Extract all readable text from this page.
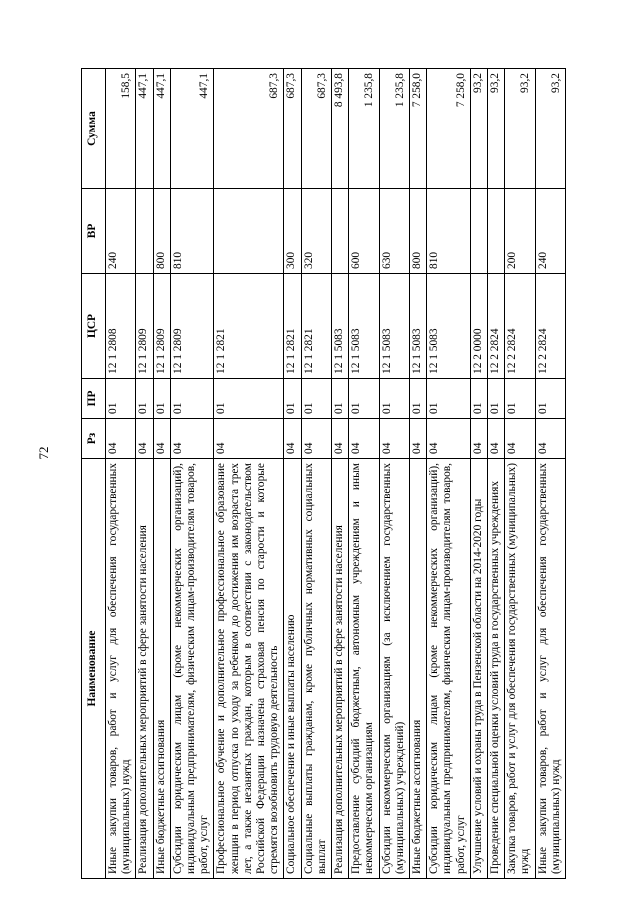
72
Наименование	Рз	ПР	ЦСР	ВР	Сумма
Иные закупки товаров, работ и услуг для обеспечения государственных (муниципальных) нужд	04	01	12 1 2808	240	158,5
Реализация дополнительных мероприятий в сфере занятости населения	04	01	12 1 2809		447,1
Иные бюджетные ассигнования	04	01	12 1 2809	800	447,1
Субсидии юридическим лицам (кроме некоммерческих организаций), индивидуальным предпринимателям, физическим лицам-производителям товаров, работ, услуг	04	01	12 1 2809	810	447,1
Профессиональное обучение и дополнительное профессиональное образование женщин в период отпуска по уходу за ребенком до достижения им возраста трех лет, а также незанятых граждан, которым в соответствии с законодательством Российской Федерации назначена страховая пенсия по старости и которые стремятся возобновить трудовую деятельность	04	01	12 1 2821		687,3
Социальное обеспечение и иные выплаты населению	04	01	12 1 2821	300	687,3
Социальные выплаты гражданам, кроме публичных нормативных социальных выплат	04	01	12 1 2821	320	687,3
Реализация дополнительных мероприятий в сфере занятости населения	04	01	12 1 5083		8 493,8
Предоставление субсидий бюджетным, автономным учреждениям и иным некоммерческим организациям	04	01	12 1 5083	600	1 235,8
Субсидии некоммерческим организациям (за исключением государственных (муниципальных) учреждений)	04	01	12 1 5083	630	1 235,8
Иные бюджетные ассигнования	04	01	12 1 5083	800	7 258,0
Субсидии юридическим лицам (кроме некоммерческих организаций), индивидуальным предпринимателям, физическим лицам-производителям товаров, работ, услуг	04	01	12 1 5083	810	7 258,0
Улучшение условий и охраны труда в Пензенской области на 2014-2020 годы	04	01	12 2 0000		93,2
Проведение специальной оценки условий труда в государственных учреждениях	04	01	12 2 2824		93,2
Закупка товаров, работ и услуг для обеспечения государственных (муниципальных) нужд	04	01	12 2 2824	200	93,2
Иные закупки товаров, работ и услуг для обеспечения государственных (муниципальных) нужд	04	01	12 2 2824	240	93,2
